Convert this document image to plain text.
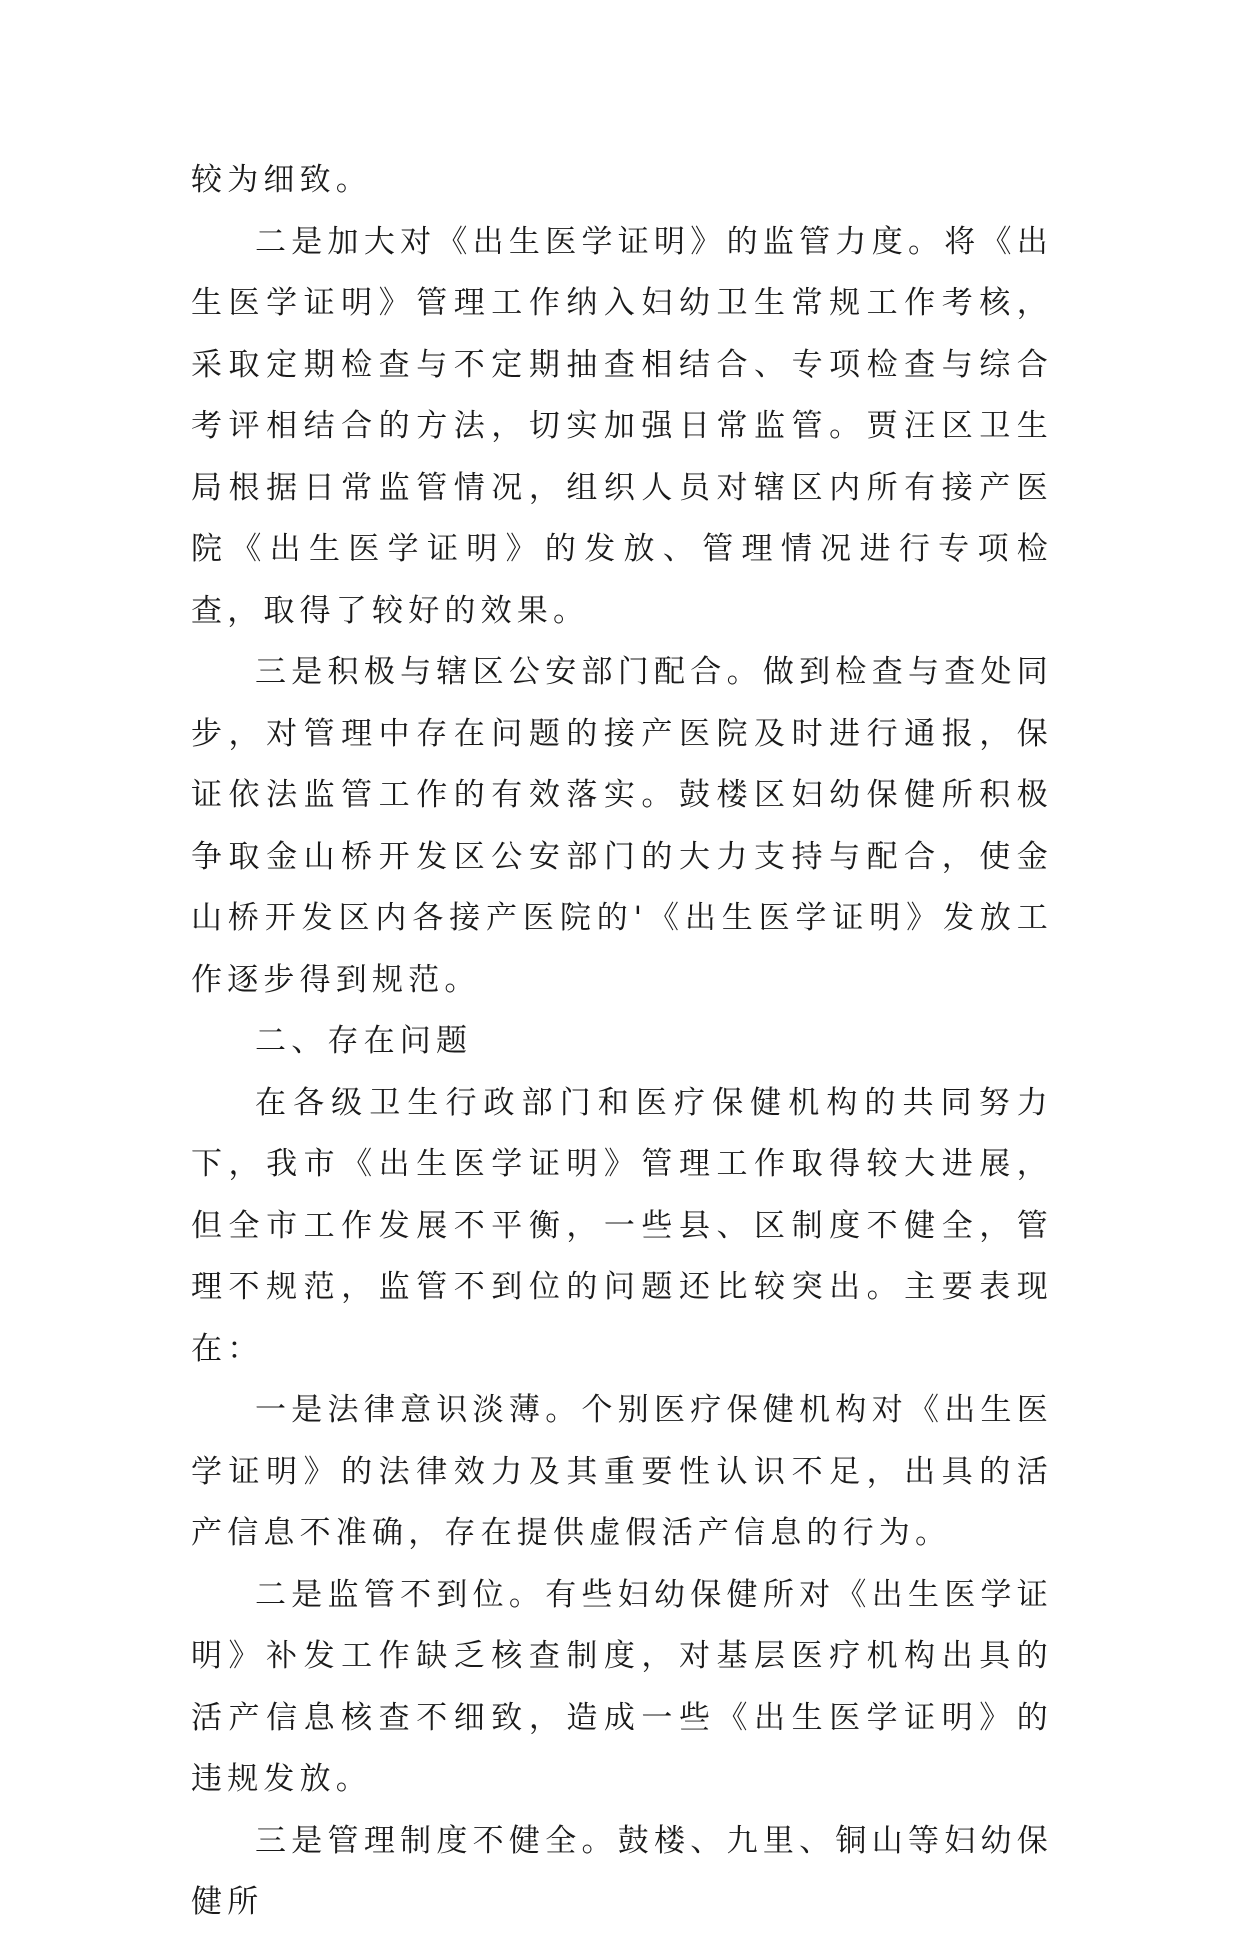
较为细致。

二是加大对《出生医学证明》的监管力度。将《出生医学证明》管理工作纳入妇幼卫生常规工作考核，采取定期检查与不定期抽查相结合、专项检查与综合考评相结合的方法，切实加强日常监管。贾汪区卫生局根据日常监管情况，组织人员对辖区内所有接产医院《出生医学证明》的发放、管理情况进行专项检查，取得了较好的效果。

三是积极与辖区公安部门配合。做到检查与查处同步，对管理中存在问题的接产医院及时进行通报，保证依法监管工作的有效落实。鼓楼区妇幼保健所积极争取金山桥开发区公安部门的大力支持与配合，使金山桥开发区内各接产医院的'《出生医学证明》发放工作逐步得到规范。

二、存在问题

在各级卫生行政部门和医疗保健机构的共同努力下，我市《出生医学证明》管理工作取得较大进展，但全市工作发展不平衡，一些县、区制度不健全，管理不规范，监管不到位的问题还比较突出。主要表现在：

一是法律意识淡薄。个别医疗保健机构对《出生医学证明》的法律效力及其重要性认识不足，出具的活产信息不准确，存在提供虚假活产信息的行为。

二是监管不到位。有些妇幼保健所对《出生医学证明》补发工作缺乏核查制度，对基层医疗机构出具的活产信息核查不细致，造成一些《出生医学证明》的违规发放。

三是管理制度不健全。鼓楼、九里、铜山等妇幼保健所
